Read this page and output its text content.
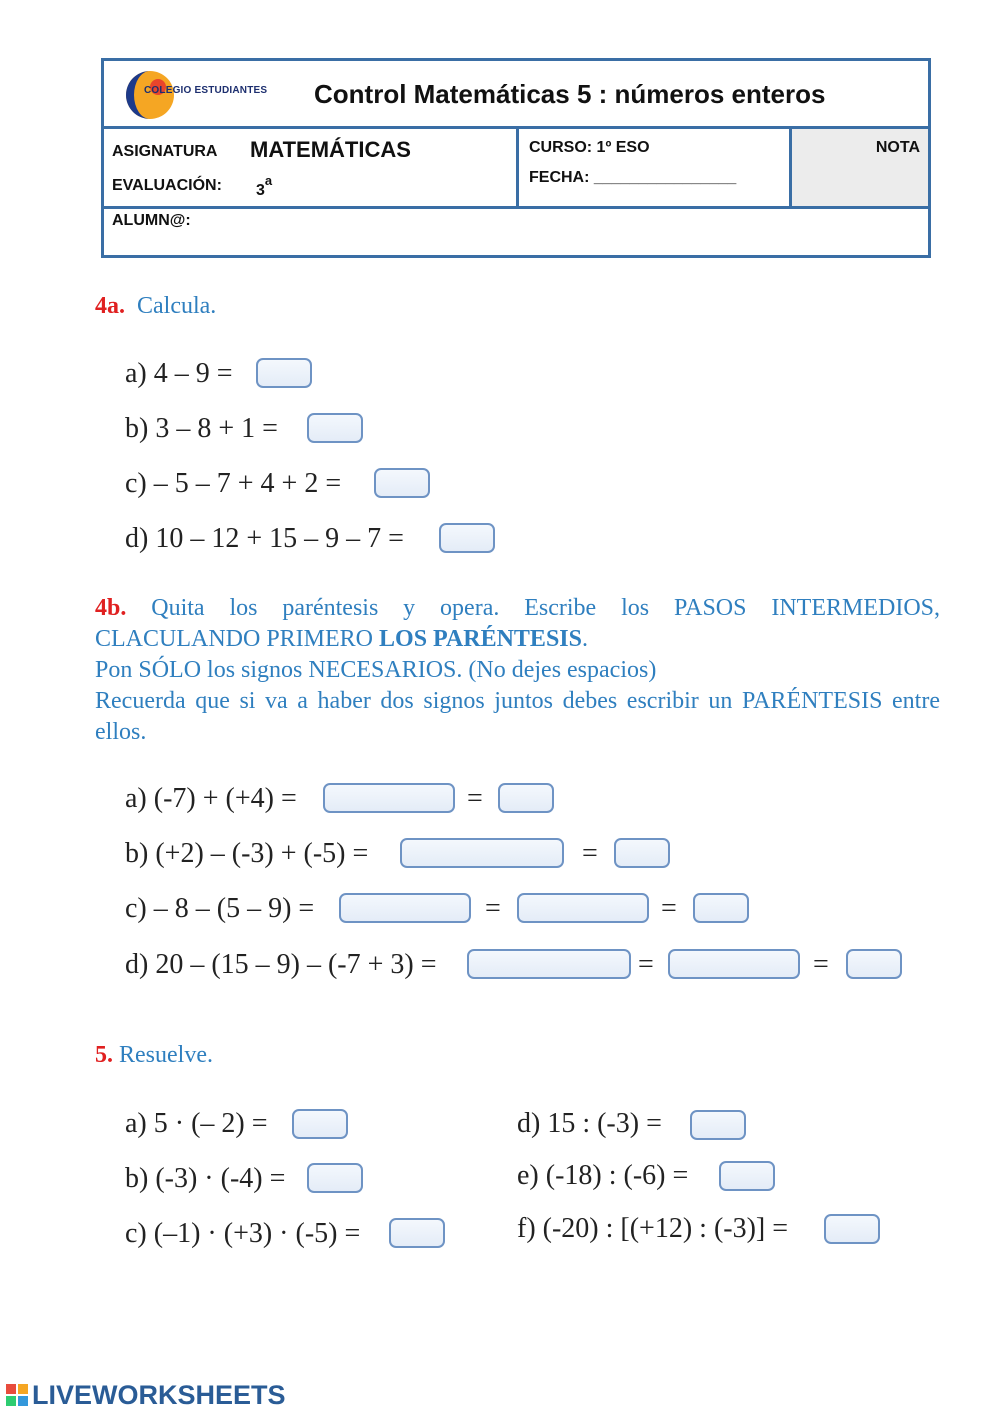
COLEGIO ESTUDIANTES Control Matemáticas 5 : números enteros
ASIGNATURA MATEMÁTICAS
EVALUACIÓN: 3$^a$
CURSO: 1º ESO
FECHA: ________________
NOTA
ALUMN@:
4a. Calcula.
a) 4 – 9 =
b) 3 – 8 + 1 =
c) – 5 – 7 + 4 + 2 =
d) 10 – 12 + 15 – 9 – 7 =
4b. Quita los paréntesis y opera. Escribe los PASOS INTERMEDIOS, CLACULANDO PRIMERO LOS PARÉNTESIS.
Pon SÓLO los signos NECESARIOS. (No dejes espacios)
Recuerda que si va a haber dos signos juntos debes escribir un PARÉNTESIS entre ellos.
a) (-7) + (+4) =	=
b) (+2) – (-3) + (-5) =	=
c) – 8 – (5 – 9) =	=	=
d) 20 – (15 – 9) – (-7 + 3) =	=	=
5. Resuelve.
a) 5 · (– 2) =
b) (-3) · (-4) =
c) (–1) · (+3) · (-5) =
d) 15 : (-3) =
e) (-18) : (-6) =
f) (-20) : [(+12) : (-3)] =
LIVEWORKSHEETS
